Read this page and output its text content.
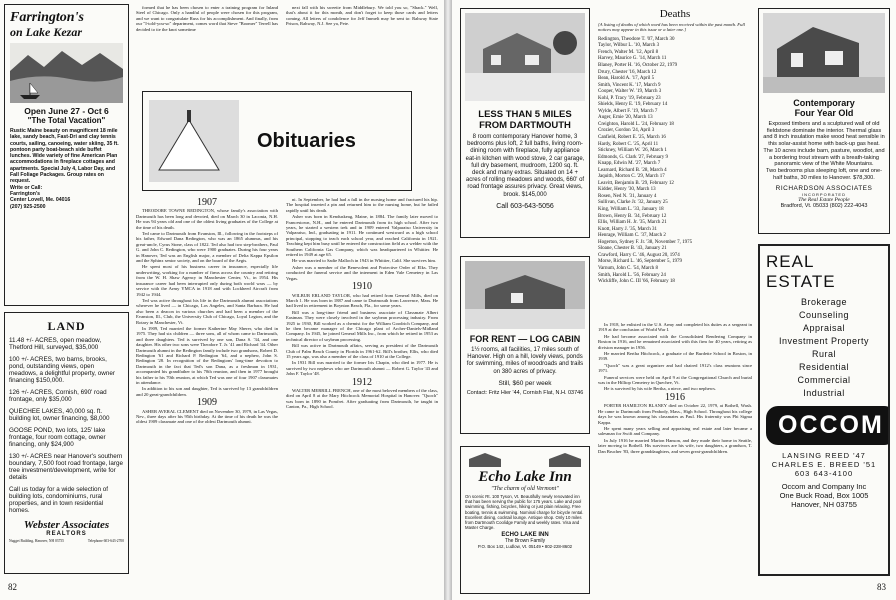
Farrington's
on Lake Kezar
Open June 27 - Oct 6
"The Total Vacation"
Rustic Maine beauty on magnificent 18 mile lake, sandy beach, Fast-Dri and clay tennis courts, sailing, canoeing, water skiing, 35 ft. pontoon party boat-beach side buffet lunches. Wide variety of fine American Plan accommodations in fireplace cottages and apartments. Special July 4, Labor Day, and Fall Foliage Packages. Group rates on request.
Write or Call:
Farrington's
Center Lovell, Me. 04016
(207) 925-2500
LAND
11.48 +/- ACRES, open meadow, Thetford Hill, surveyed, $35,000
100 +/- ACRES, two barns, brooks, pond, outstanding views, open meadows, a delightful property, owner financing $150,000.
126 +/- ACRES, Cornish, 690' road frontage, only $35,000
QUECHEE LAKES, 40,000 sq. ft. building lot, owner financing, $8,000
GOOSE POND, two lots, 125' lake frontage, four room cottage, owner financing, only $24,900
130 +/- ACRES near Hanover's southern boundary, 7,500 foot road frontage, large tree investment/development, write for details
Call us today for a wide selection of building lots, condominiums, rural properties, and in town residential homes.
Webster Associates
REALTORS
Nugget Building, Hanover, NH 03755	Telephone 603-643-2700

formed that he has been chosen to enter a training program for Inland Steel of Chicago. Only a handful of people were chosen for this program, and we want to congratulate Russ for his accomplishment. And finally, from our "I-told-you-so" department, comes word that Steve "Boomer" Terrell has decided to tie the knot sometime

next fall with his sweetie from Middlebury. We told you so, "Shack." Well, that's about it for this month, and don't forget to keep those cards and letters coming. All letters of condolence for Jeff Immelt may be sent to: Rahway State Prison, Rahway, N.J. See ya, Pete.

Obituaries
1907

THEODORE TOWNE REDINGTON, whose family's association with Dartmouth has been long and devoted, died on March 30 in Laconia, N.H. He was 94 years old and one of the oldest living graduates of the College at the time of his death.

Ted came to Dartmouth from Evanston, Ill., following in the footsteps of his father, Edward Dana Redington, who was an 1865 alumnus, and his great-uncle, Cyrus Stone, class of 1822. Ted also had two step-brothers, Paul G. and John C. Redington, who were 1900 graduates. During his four years in Hanover, Ted was an English major, a member of Delta Kappa Epsilon and the Sphinx senior society, and on the board of the Aegis.

He spent most of his business career in insurance, especially life underwriting, working for a number of firms across the country and retiring from the W. H. Shaw Agency in Manchester Center, Vt., in 1954. His insurance career had been interrupted only during both world wars — by service with the Army YMCA in 1918 and with Lockheed Aircraft from 1942 to 1944.

Ted was active throughout his life in the Dartmouth alumni associations wherever he lived — in Chicago, Los Angeles, and Santa Barbara. He had also been a deacon in various churches and had been a member of the Evanston, Ill., Club, the University Club of Chicago, Loyal Legion, and the Rotary in Manchester, Vt.

In 1909, Ted married the former Katherine May Sherer, who died in 1975. They had six children — three sons, all of whom came to Dartmouth, and three daughters. Ted is survived by one son, Dana S. '34, and one daughter. His other two sons were Theodore T. Jr. '41 and Richard '44. Other Dartmouth alumni in the Redington family include two grandsons, Robert D. Redington '61 and Richard P. Redington '64, and a nephew, John S. Redington '28. In recognition of the Redingtons' long-time devotion to Dartmouth in the fact that Ted's son Dana, as a freshman in 1931, accompanied his grandfather to his 70th reunion, and then in 1977 brought his father to his 70th reunion, at which Ted was one of four 1907 classmates in attendance.

In addition to his son and daughter, Ted is survived by 13 grandchildren and 20 great-grandchildren.

1909

ASHER AVERAL CLEMENT died on November 30, 1979, in Las Vegas, Nev., three days after his 95th birthday. At the time of his death he was the oldest 1909 classmate and one of the oldest Dartmouth alumni.

ni. In September, he had had a fall in the nursing home and fractured his hip. The hospital inserted a pin and returned him to the nursing home, but he failed rapidly until his death.

Asher was born in Kenduskeag, Maine, in 1884. The family later moved to Francestown, N.H., and he entered Dartmouth from its high school. After two years, he started a western trek and in 1909 entered Valparaiso University in Valparaiso, Ind., graduating in 1911. He continued westward as a high school principal, stopping to teach each school year, and reached California in 1921. Teaching kept him busy until he entered the construction field as a welder with the Southern California Gas Company, which was headquartered in Whittier. He retired in 1949 at age 65.

He was married to Sadie Malloch in 1943 in Whittier, Calif. She survives him.

Asher was a member of the Benevolent and Protective Order of Elks. They conducted the funeral service and the interment in Eden Vale Cemetery in Las Vegas.

1910

WILBUR ERLAND TAYLOR, who had retired from General Mills, died on March 1. He was born in 1887 and came to Dartmouth from Lawrence, Mass. He had lived in retirement in Boynton Beach, Fla., for some years.

Bill was a long-time friend and business associate of Classmate Albert Eastman. They were closely involved in the soybean processing industry. From 1925 to 1930, Bill worked as a chemist for the William Goodrich Company, and he then became manager of the Chicago plant of Archer-Daniels-Midland Company. In 1945, he joined General Mills Inc., from which he retired in 1953 as technical director of soybean processing.

Bill was active in Dartmouth affairs, serving as president of the Dartmouth Club of Palm Beach County in Florida in 1961-62. Bill's brother, Ellis, who died 15 years ago, was also a member of the class of 1910 at the College.

In 1931 Bill was married to the former Iris Chapin, who died in 1977. He is survived by two nephews who are Dartmouth alumni — Robert G. Taylor '43 and John F. Taylor '48.

1912

WALTER MERRILL FRENCH, one of the most beloved members of the class, died on April 8 at the Mary Hitchcock Memorial Hospital in Hanover. "Quoch" was born in 1890 in Pomfret. After graduating from Dartmouth, he taught in Canton, Pa., High School.

82
LESS THAN 5 MILES
FROM DARTMOUTH
8 room contemporary Hanover home, 3 bedrooms plus loft, 2 full baths, living room-dining room with fireplace, fully appliance eat-in kitchen with wood stove, 2 car garage, full dry basement, mudroom, 1200 sq. ft. deck and many extras. Situated on 14 + acres of rolling meadows and woods, 660' of road frontage assures privacy. Great views, brook. $145,000
Call 603-643-5056
FOR RENT — LOG CABIN
1½ rooms, all facilities, 17 miles south of Hanover. High on a hill, lovely views, ponds for swimming, miles of woodroads and trails on 380 acres of privacy.
Still, $60 per week
Contact: Fritz Hier '44, Cornish Flat, N.H. 03746
Echo Lake Inn
"The charm of old Vermont"
On scenic Rt. 100 Tyson, Vt. Beautifully newly renovated inn that has been serving the public for 175 years. Lake and pool swimming, fishing, bicycles, hiking or just plain relaxing. Free boating, tennis & swimming. Nominal charge for bicycle rental. Excellent dining, cocktail lounge. Antique shop. Only 10 miles from Dartmouth Coolidge Family and weekly rates. Visa and Master Charge.
ECHO LAKE INN
The Brown Family
P.O. Box 142, Ludlow, Vt. 05149 • 802-228-8602
Deaths
[A listing of deaths of which word has been received within the past month. Full notices may appear in this issue or a later one.]
Redington, Theodore T. '07, March 30
Taylor, Wilbur L. '10, March 3
French, Walter M. '12, April 8
Harvey, Maurice G. '14, March 11
Blaney, Porter H. '16, October 22, 1979
Drury, Chester '16, March 12
Bean, Harold A. '17, April 5
Smith, Vincent K. '17, March 9
Cooper, Walter W. '19, March 3
Kohl, P. Tracy '19, February 23
Shields, Henry E. '19, February 14
Wylde, Albert F. '19, March 7
Auger, Ernie '20, March 13
Creighton, Harold L. '24, February 18
Crozier, Gordon '24, April 3
Canfield, Robert E. '25, March 16
Hardy, Robert C. '25, April 11
Stickney, William W. '26, March 1
Edmonds, G. Clark '27, February 9
Knapp, Edwin M. '27, March 7
Learnard, Richard B. '28, March 4
Jaquith, Morton C. '29, March 17
Leavitt, Benjamin B. '29, February 12
Kidder, Henry '30, March 13
Rosen, Ned N. '31, January 4
Sullivan, Clarke Jr. '32, January 25
King, William L. '33, January 18
Brown, Henry B. '34, February 12
Ellis, William H. Jr. '35, March 21
Knott, Harry J. '35, March 31
Henrage, William C. '37, March 2
Hogerton, Sydney F. Jr. '38, November 7, 1975
Sloane, Chester B. '43, January 21
Crawford, Harry C. '46, August 20, 1974
Morse, Richard L. '46, September 5, 1979
Varnum, John C. '54, March 8
Smith, Harold L. '56, February 24
Wickliffe, John C. III '66, February 18

In 1918, he enlisted in the U.S. Army and completed his duties as a sergeant in 1919 at the conclusion of World War I.

He had become associated with the Consolidated Rendering Company in Boston in 1916, and he remained associated with this firm for 40 years, retiring as division manager in 1956.

He married Bertha Hitchcock, a graduate of the Burdette School in Boston, in 1939.

"Quoch" was a great organizer and had chaired 1912's class reunions since 1971.

Funeral services were held on April 9 at the Congregational Church and burial was in the Hilltop Cemetery in Quechee, Vt.

He is survived by his wife Bertha, a niece, and two nephews.

1916

PORTER HAMILTON BLANEY died on October 22, 1979, at Bothell, Wash. He came to Dartmouth from Peabody, Mass., High School. Throughout his college days he was known among his classmates as Paul. His fraternity was Phi Sigma Kappa.

He spent many years selling and appraising real estate and later became a salesman for Swift and Company.

In July 1916 he married Marion Hanson, and they made their home in Seattle, later moving to Bothell. His survivors are his wife, two daughters, a grandson, T. Dan Brucher '83, three granddaughters, and seven great-grandchildren.

Contemporary
Four Year Old
Exposed timbers and a sculptured wall of old fieldstone dominate the interior. Thermal glass and 8 inch insulation make wood heat sensible in this solar-assist home with back-up gas heat.
The 10 acres include barn, pasture, woodlot, and a bordering trout stream with a breath-taking panoramic view of the White Mountains.
Two bedrooms plus sleeping loft, one and one-half baths, 30 miles to Hanover. $78,300.
RICHARDSON ASSOCIATES
INCORPORATED
The Real Estate People
Bradford, Vt. 05033 (802) 222-4043
REAL ESTATE
Brokerage
Counseling
Appraisal
Investment Property
Rural
Residential
Commercial
Industrial
OCCOM
LANSING REED '47
CHARLES E. BREED '51
603 643-4100
Occom and Company Inc
One Buck Road, Box 1005
Hanover, NH 03755
83
